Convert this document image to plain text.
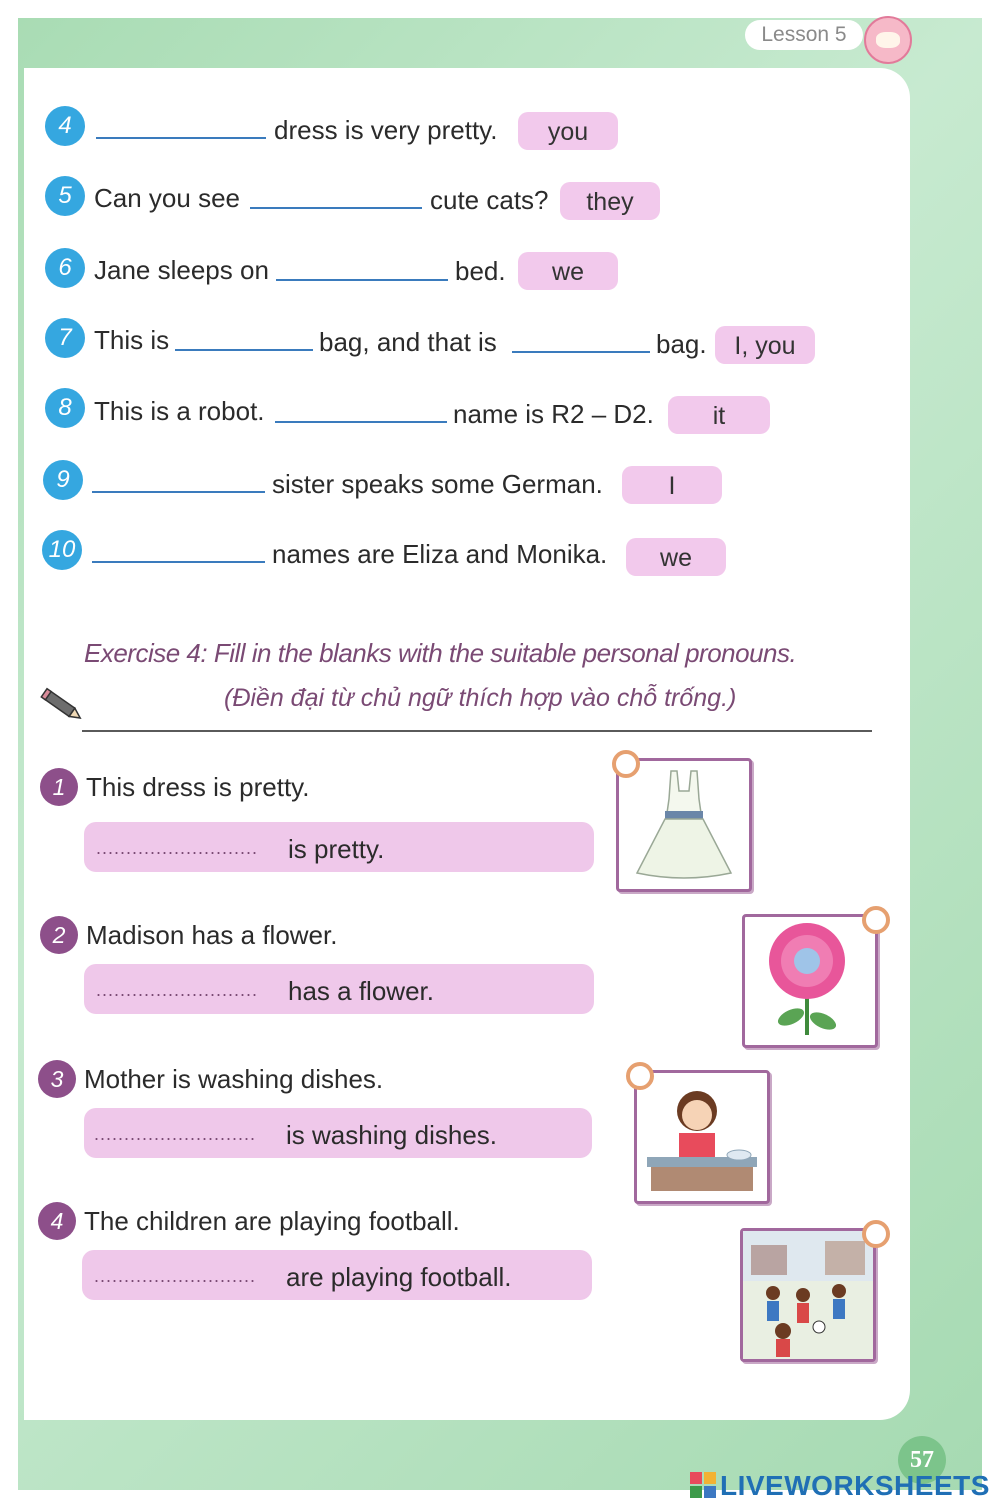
Lesson 5
4	dress is very pretty.	you
5 Can you see	cute cats?	they
6 Jane sleeps on	bed.	we
7 This is	bag, and that is	bag.	I, you
8 This is a robot.	name is R2 – D2.	it
9	sister speaks some German.	I
10	names are Eliza and Monika.	we
Exercise 4: Fill in the blanks with the suitable personal pronouns.
(Điền đại từ chủ ngữ thích hợp vào chỗ trống.)
1 This dress is pretty.
........................... is pretty.
2 Madison has a flower.
........................... has a flower.
3 Mother is washing dishes.
........................... is washing dishes.
4 The children are playing football.
........................... are playing football.
57
LIVEWORKSHEETS
